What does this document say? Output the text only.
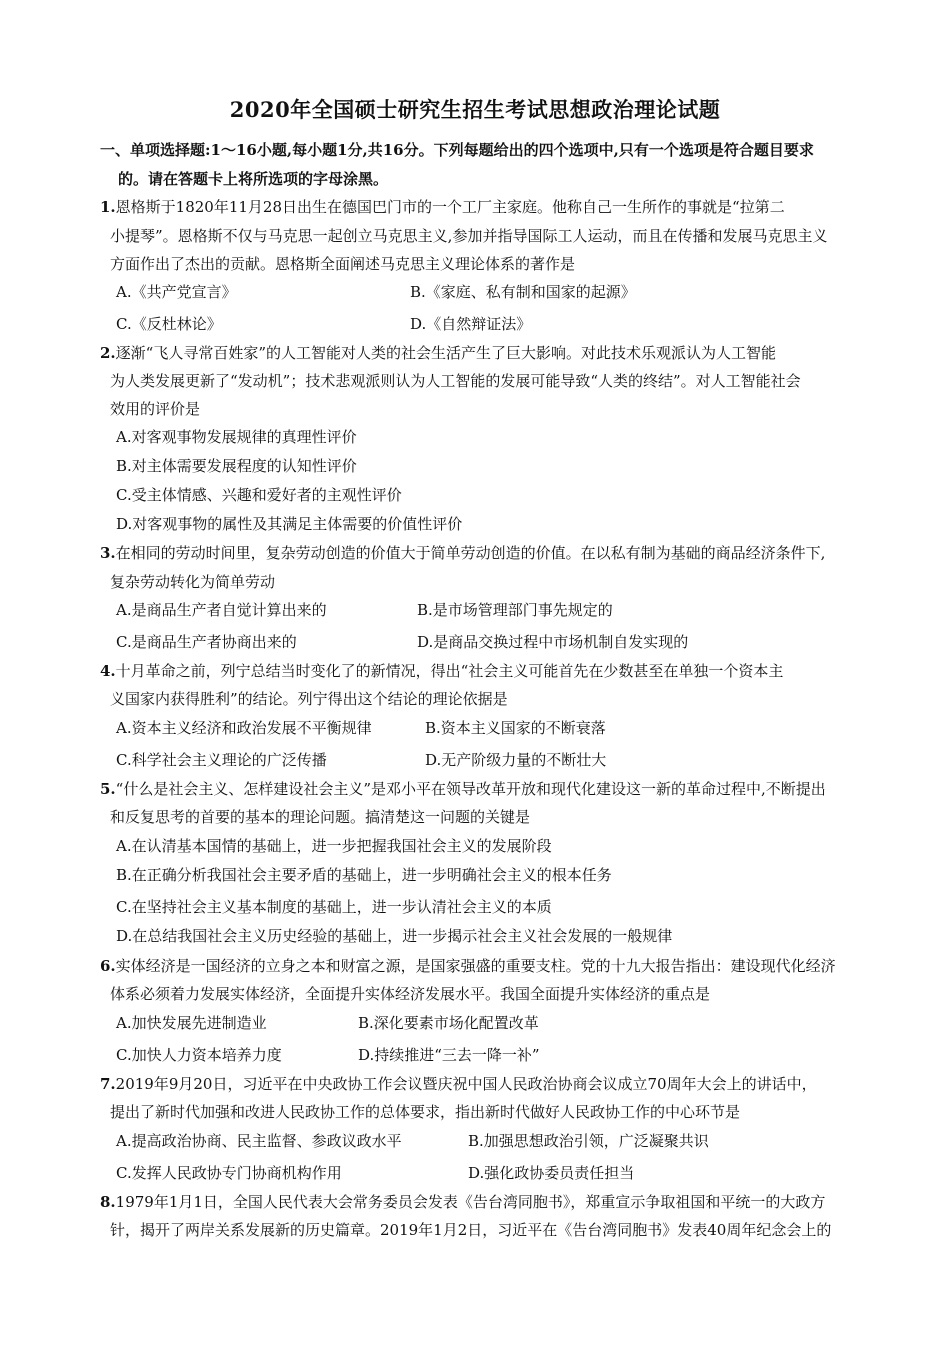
2020年全国硕士研究生招生考试思想政治理论试题
一、单项选择题:1～16小题,每小题1分,共16分。下列每题给出的四个选项中,只有一个选项是符合题目要求
的。请在答题卡上将所选项的字母涂黑。
1.恩格斯于1820年11月28日出生在德国巴门市的一个工厂主家庭。他称自己一生所作的事就是“拉第二
小提琴”。恩格斯不仅与马克思一起创立马克思主义,参加并指导国际工人运动，而且在传播和发展马克思主义
方面作出了杰出的贡献。恩格斯全面阐述马克思主义理论体系的著作是
A.《共产党宣言》	B.《家庭、私有制和国家的起源》
C.《反杜林论》	D.《自然辩证法》
2.逐渐“飞人寻常百姓家”的人工智能对人类的社会生活产生了巨大影响。对此技术乐观派认为人工智能
为人类发展更新了“发动机”；技术悲观派则认为人工智能的发展可能导致“人类的终结”。对人工智能社会
效用的评价是
A.对客观事物发展规律的真理性评价
B.对主体需要发展程度的认知性评价
C.受主体情感、兴趣和爱好者的主观性评价
D.对客观事物的属性及其满足主体需要的价值性评价
3.在相同的劳动时间里，复杂劳动创造的价值大于简单劳动创造的价值。在以私有制为基础的商品经济条件下,
复杂劳动转化为简单劳动
A.是商品生产者自觉计算出来的	B.是市场管理部门事先规定的
C.是商品生产者协商出来的	D.是商品交换过程中市场机制自发实现的
4.十月革命之前，列宁总结当时变化了的新情况，得出“社会主义可能首先在少数甚至在单独一个资本主
义国家内获得胜利”的结论。列宁得出这个结论的理论依据是
A.资本主义经济和政治发展不平衡规律	B.资本主义国家的不断衰落
C.科学社会主义理论的广泛传播	D.无产阶级力量的不断壮大
5.“什么是社会主义、怎样建设社会主义”是邓小平在领导改革开放和现代化建设这一新的革命过程中,不断提出
和反复思考的首要的基本的理论问题。搞清楚这一问题的关键是
A.在认清基本国情的基础上，进一步把握我国社会主义的发展阶段
B.在正确分析我国社会主要矛盾的基础上，进一步明确社会主义的根本任务
C.在坚持社会主义基本制度的基础上，进一步认清社会主义的本质
D.在总结我国社会主义历史经验的基础上，进一步揭示社会主义社会发展的一般规律
6.实体经济是一国经济的立身之本和财富之源，是国家强盛的重要支柱。党的十九大报告指出：建设现代化经济
体系必须着力发展实体经济，全面提升实体经济发展水平。我国全面提升实体经济的重点是
A.加快发展先进制造业	B.深化要素市场化配置改革
C.加快人力资本培养力度	D.持续推进“三去一降一补”
7.2019年9月20日，习近平在中央政协工作会议暨庆祝中国人民政治协商会议成立70周年大会上的讲话中，
提出了新时代加强和改进人民政协工作的总体要求，指出新时代做好人民政协工作的中心环节是
A.提高政治协商、民主监督、参政议政水平	B.加强思想政治引领，广泛凝聚共识
C.发挥人民政协专门协商机构作用	D.强化政协委员责任担当
8.1979年1月1日，全国人民代表大会常务委员会发表《告台湾同胞书》，郑重宣示争取祖国和平统一的大政方
针，揭开了两岸关系发展新的历史篇章。2019年1月2日，习近平在《告台湾同胞书》发表40周年纪念会上的
